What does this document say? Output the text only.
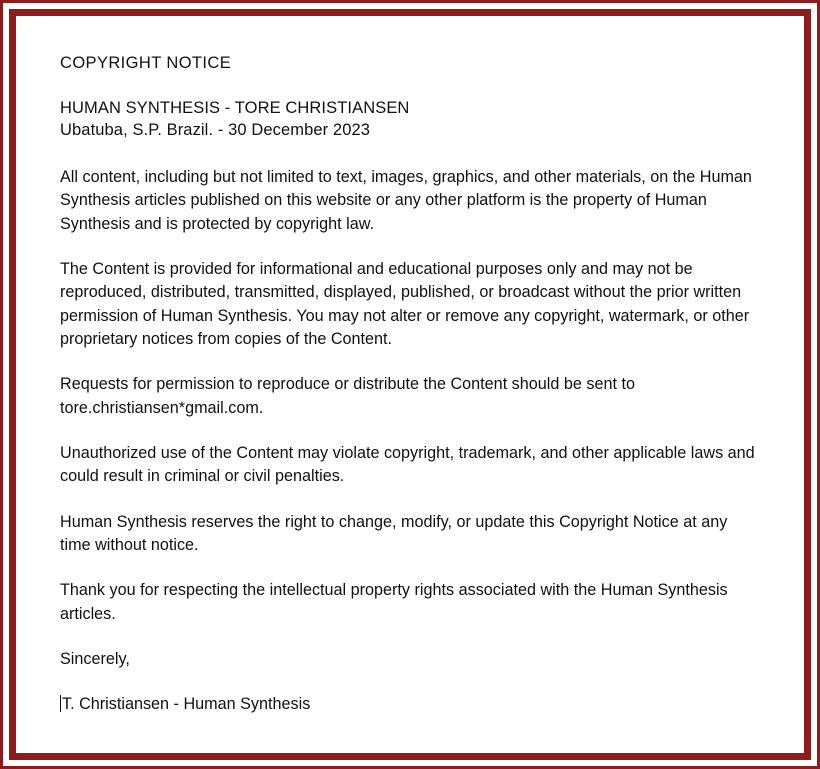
COPYRIGHT NOTICE
HUMAN SYNTHESIS - TORE CHRISTIANSEN
Ubatuba, S.P. Brazil. - 30 December 2023

All content, including but not limited to text, images, graphics, and other materials, on the Human Synthesis articles published on this website or any other platform is the property of Human Synthesis and is protected by copyright law.

The Content is provided for informational and educational purposes only and may not be reproduced, distributed, transmitted, displayed, published, or broadcast without the prior written permission of Human Synthesis. You may not alter or remove any copyright, watermark, or other proprietary notices from copies of the Content.

Requests for permission to reproduce or distribute the Content should be sent to tore.christiansen*gmail.com.

Unauthorized use of the Content may violate copyright, trademark, and other applicable laws and could result in criminal or civil penalties.

Human Synthesis reserves the right to change, modify, or update this Copyright Notice at any time without notice.

Thank you for respecting the intellectual property rights associated with the Human Synthesis articles.

Sincerely,

T. Christiansen - Human Synthesis
